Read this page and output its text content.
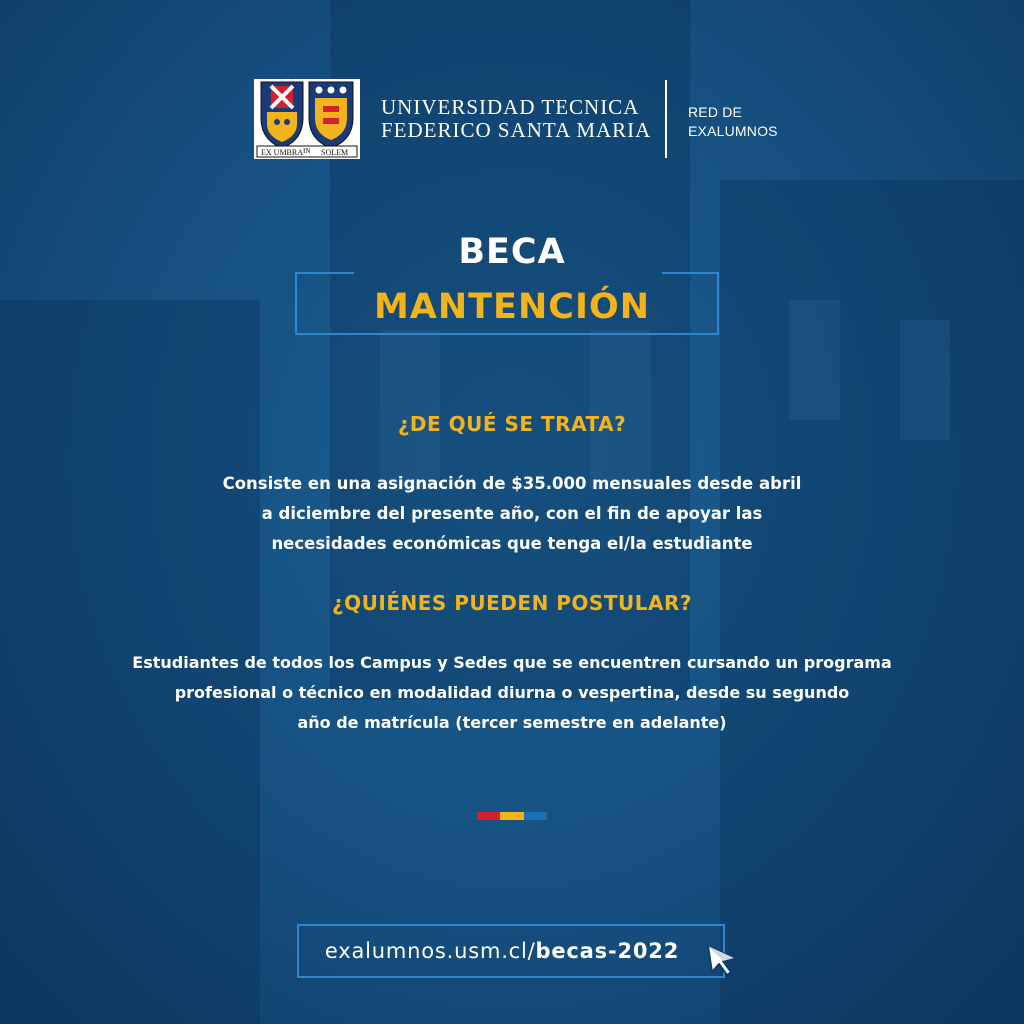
EX UMBRA IN SOLEM
UNIVERSIDAD TECNICA
FEDERICO SANTA MARIA
RED DE
EXALUMNOS
BECA
MANTENCIÓN
¿DE QUÉ SE TRATA?
Consiste en una asignación de $35.000 mensuales desde abril
a diciembre del presente año, con el fin de apoyar las
necesidades económicas que tenga el/la estudiante
¿QUIÉNES PUEDEN POSTULAR?
Estudiantes de todos los Campus y Sedes que se encuentren cursando un programa
profesional o técnico en modalidad diurna o vespertina, desde su segundo
año de matrícula (tercer semestre en adelante)
exalumnos.usm.cl/becas-2022
